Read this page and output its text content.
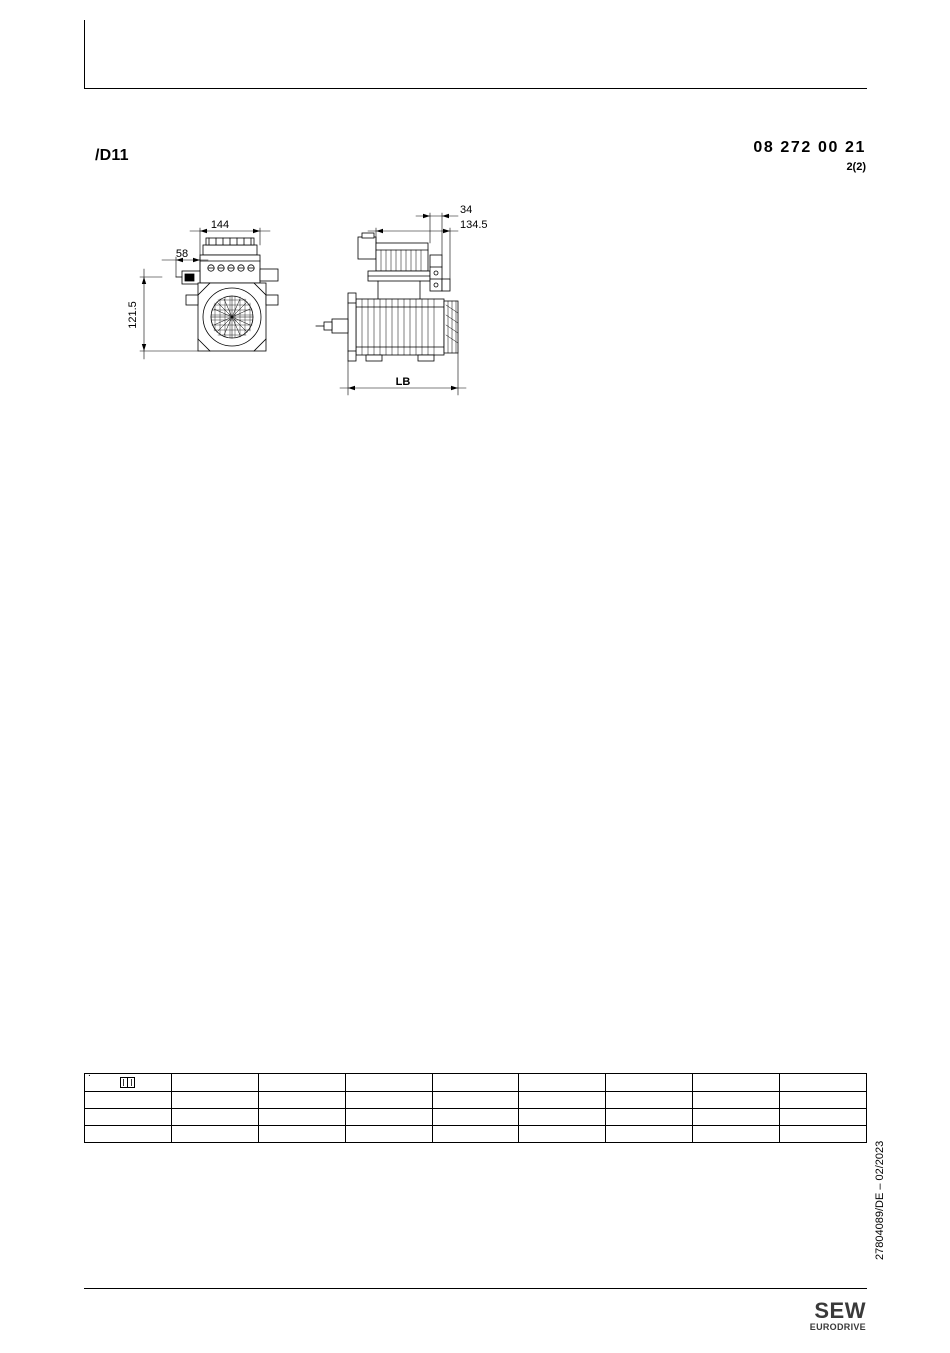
/D11	08 272 00 21
2(2)
144
58
121.5
34
134.5
LB
.

27804089/DE – 02/2023
SEW
EURODRIVE
